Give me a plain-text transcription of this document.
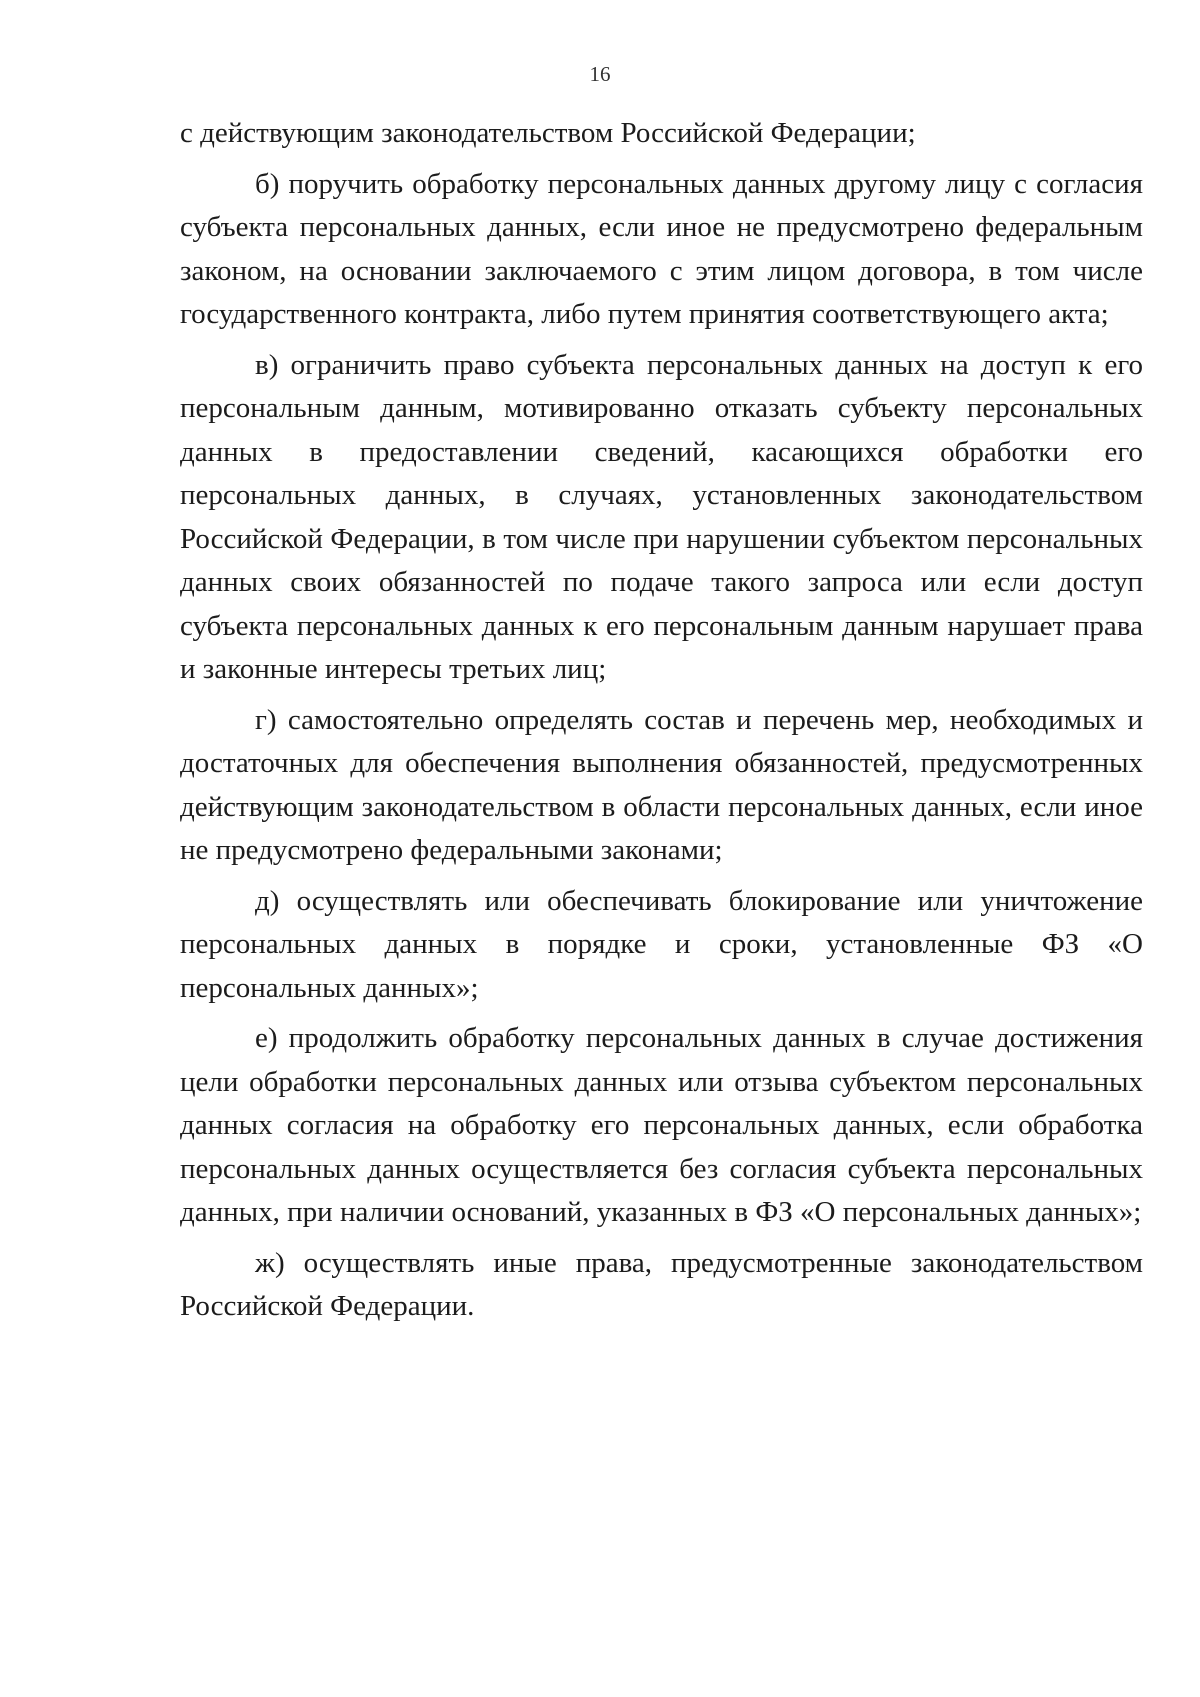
16

с действующим законодательством Российской Федерации;

б) поручить обработку персональных данных другому лицу с согласия субъекта персональных данных, если иное не предусмотрено федеральным законом, на основании заключаемого с этим лицом договора, в том числе государственного контракта, либо путем принятия соответствующего акта;

в) ограничить право субъекта персональных данных на доступ к его персональным данным, мотивированно отказать субъекту персональных данных в предоставлении сведений, касающихся обработки его персональных данных, в случаях, установленных законодательством Российской Федерации, в том числе при нарушении субъектом персональных данных своих обязанностей по подаче такого запроса или если доступ субъекта персональных данных к его персональным данным нарушает права и законные интересы третьих лиц;

г) самостоятельно определять состав и перечень мер, необходимых и достаточных для обеспечения выполнения обязанностей, предусмотренных действующим законодательством в области персональных данных, если иное не предусмотрено федеральными законами;

д) осуществлять или обеспечивать блокирование или уничтожение персональных данных в порядке и сроки, установленные ФЗ «О персональных данных»;

е) продолжить обработку персональных данных в случае достижения цели обработки персональных данных или отзыва субъектом персональных данных согласия на обработку его персональных данных, если обработка персональных данных осуществляется без согласия субъекта персональных данных, при наличии оснований, указанных в ФЗ «О персональных данных»;

ж) осуществлять иные права, предусмотренные законодательством Российской Федерации.
